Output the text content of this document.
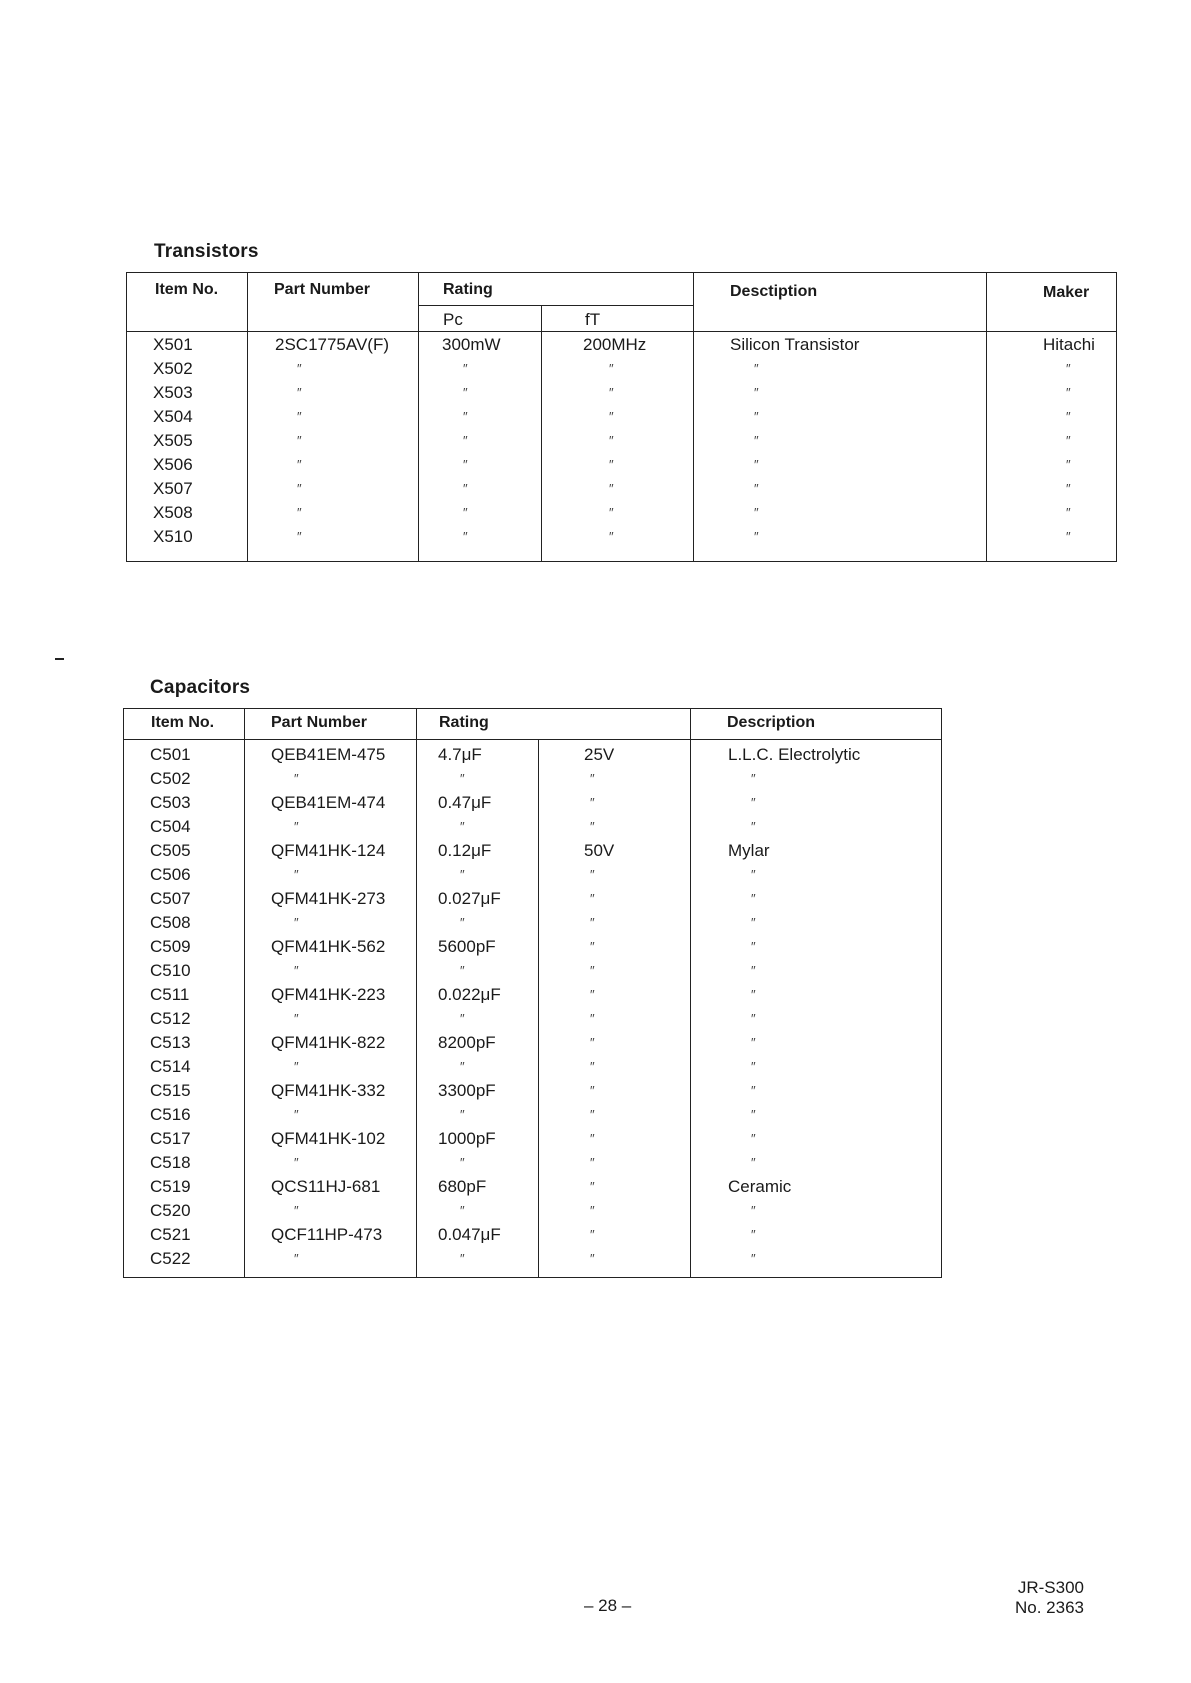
Transistors
Item No.	Part Number	Rating
Pc	fT
Desctiption	Maker
X501	2SC1775AV(F)	300mW	200MHz	Silicon Transistor	Hitachi
X502	″	″	″	″	″
X503	″	″	″	″	″
X504	″	″	″	″	″
X505	″	″	″	″	″
X506	″	″	″	″	″
X507	″	″	″	″	″
X508	″	″	″	″	″
X510	″	″	″	″	″
Capacitors
Item No.	Part Number	Rating	Description
C501	QEB41EM-475	4.7μF	25V	L.L.C. Electrolytic
C502	″	″	″	″
C503	QEB41EM-474	0.47μF	″	″
C504	″	″	″	″
C505	QFM41HK-124	0.12μF	50V	Mylar
C506	″	″	″	″
C507	QFM41HK-273	0.027μF	″	″
C508	″	″	″	″
C509	QFM41HK-562	5600pF	″	″
C510	″	″	″	″
C511	QFM41HK-223	0.022μF	″	″
C512	″	″	″	″
C513	QFM41HK-822	8200pF	″	″
C514	″	″	″	″
C515	QFM41HK-332	3300pF	″	″
C516	″	″	″	″
C517	QFM41HK-102	1000pF	″	″
C518	″	″	″	″
C519	QCS11HJ-681	680pF	″	Ceramic
C520	″	″	″	″
C521	QCF11HP-473	0.047μF	″	″
C522	″	″	″	″
– 28 –
JR-S300
No. 2363
